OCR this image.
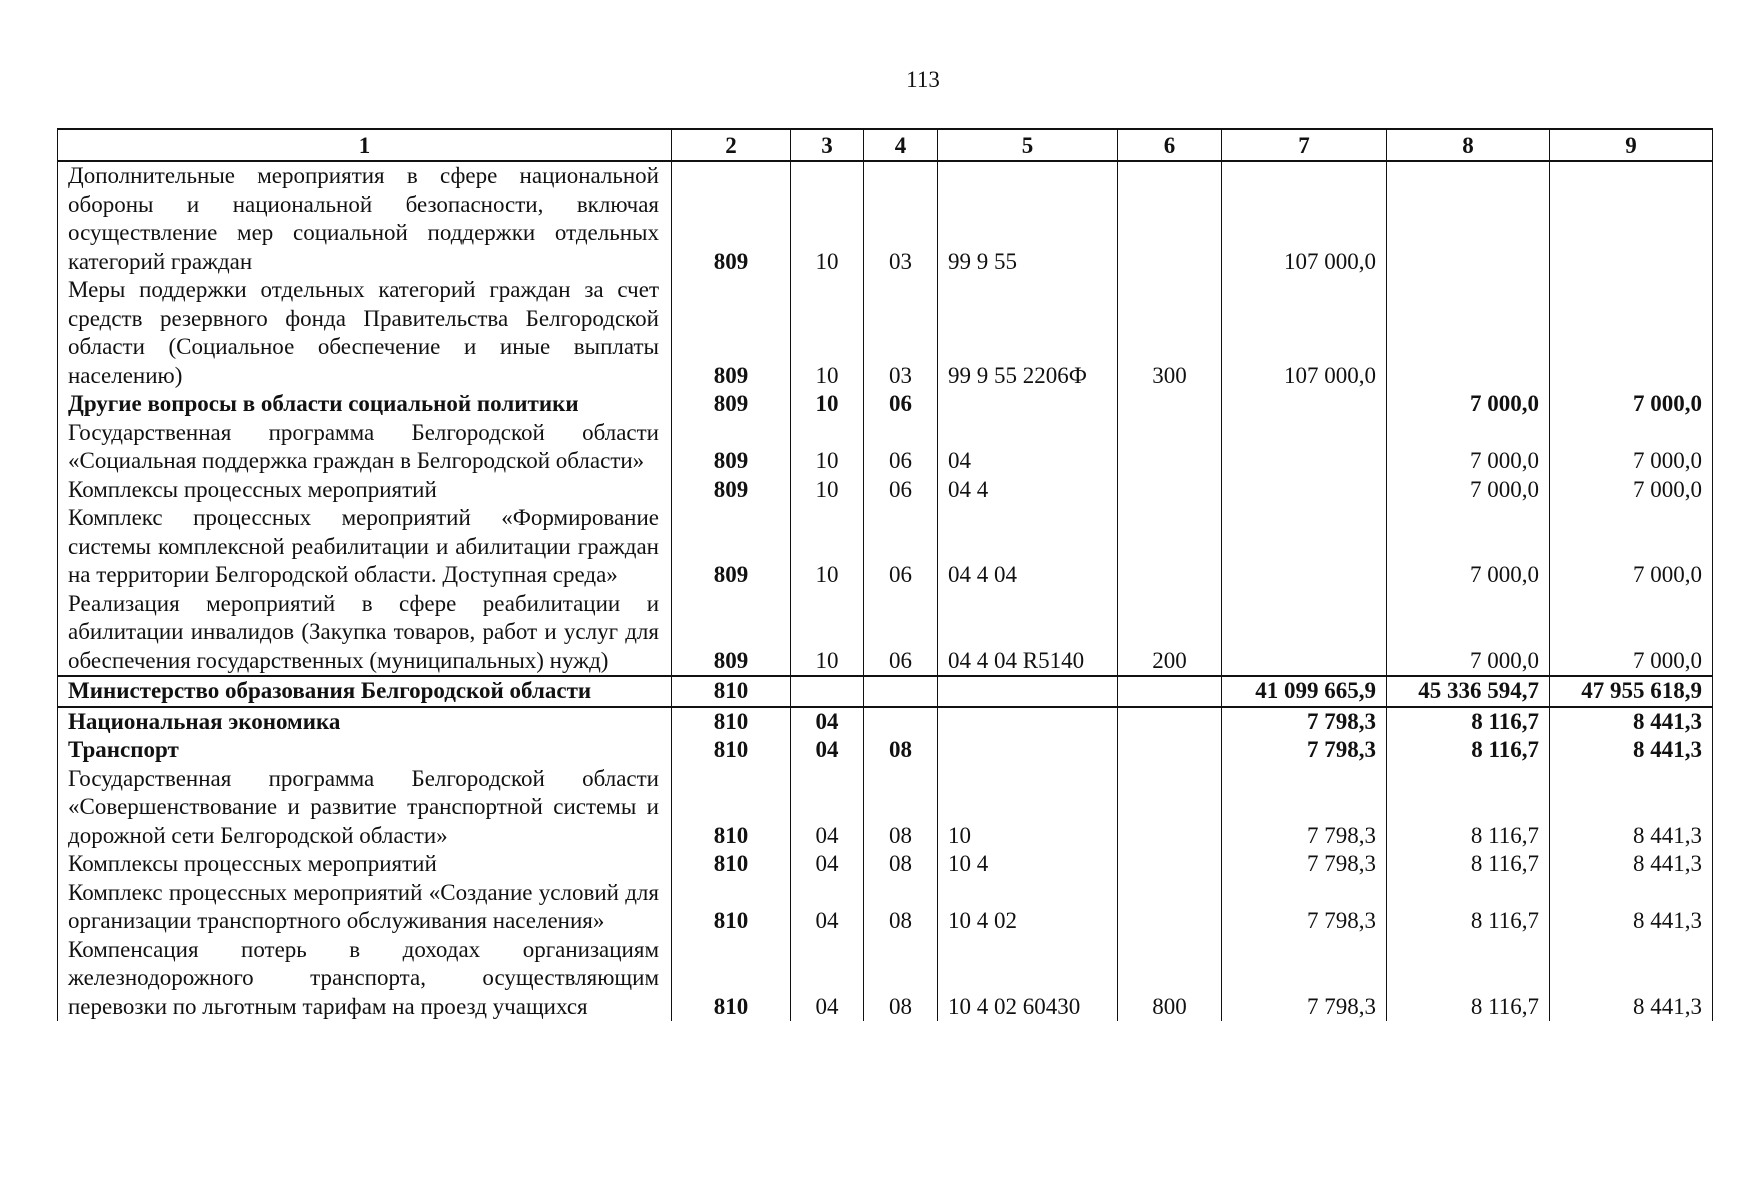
113
1	2	3	4	5	6	7	8	9
Дополнительные мероприятия в сфере национальной обороны и национальной безопасности, включая осуществление мер социальной поддержки отдельных категорий граждан	809	10	03	99 9 55		107 000,0		
Меры поддержки отдельных категорий граждан за счет средств резервного фонда Правительства Белгородской области (Социальное обеспечение и иные выплаты населению)	809	10	03	99 9 55 2206Ф	300	107 000,0		
Другие вопросы в области социальной политики	809	10	06				7 000,0	7 000,0
Государственная программа Белгородской области «Социальная поддержка граждан в Белгородской области»	809	10	06	04			7 000,0	7 000,0
Комплексы процессных мероприятий	809	10	06	04 4			7 000,0	7 000,0
Комплекс процессных мероприятий «Формирование системы комплексной реабилитации и абилитации граждан на территории Белгородской области. Доступная среда»	809	10	06	04 4 04			7 000,0	7 000,0
Реализация мероприятий в сфере реабилитации и абилитации инвалидов (Закупка товаров, работ и услуг для обеспечения государственных (муниципальных) нужд)	809	10	06	04 4 04 R5140	200		7 000,0	7 000,0
Министерство образования Белгородской области	810					41 099 665,9	45 336 594,7	47 955 618,9
Национальная экономика	810	04				7 798,3	8 116,7	8 441,3
Транспорт	810	04	08			7 798,3	8 116,7	8 441,3
Государственная программа Белгородской области «Совершенствование и развитие транспортной системы и дорожной сети Белгородской области»	810	04	08	10		7 798,3	8 116,7	8 441,3
Комплексы процессных мероприятий	810	04	08	10 4		7 798,3	8 116,7	8 441,3
Комплекс процессных мероприятий «Создание условий для организации транспортного обслуживания населения»	810	04	08	10 4 02		7 798,3	8 116,7	8 441,3
Компенсация потерь в доходах организациям железнодорожного транспорта, осуществляющим перевозки по льготным тарифам на проезд учащихся	810	04	08	10 4 02 60430	800	7 798,3	8 116,7	8 441,3
